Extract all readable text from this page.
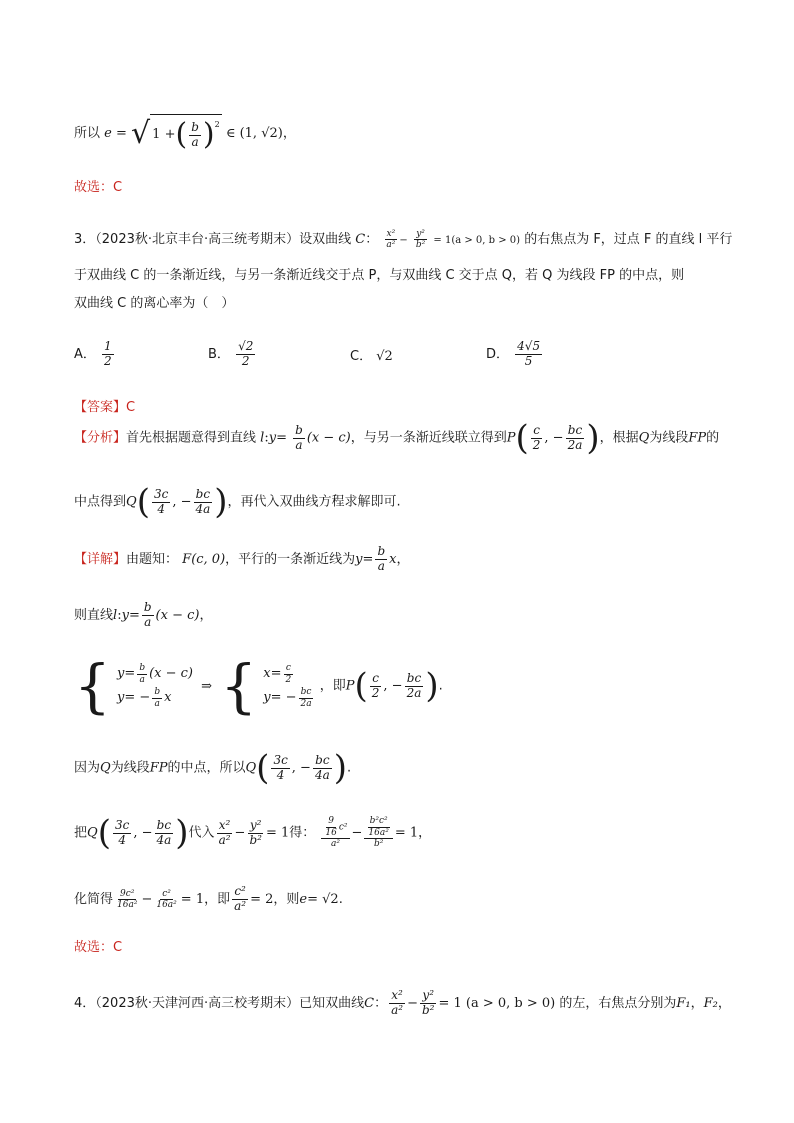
所以 e = √ 1 + ( $\frac{b}{a} )^2$
∈ (1, √2)，
故选：C
3．（2023秋·北京丰台·高三统考期末）设双曲线 C： $\frac{\text{x²}}{\text{a²}} - \frac{\text{y²}}{\text{b²}} = 1(a > 0$, b > 0) 的右焦点为 F，过点 F 的直线 l 平行
于双曲线 C 的一条渐近线，与另一条渐近线交于点 P，与双曲线 C 交于点 Q，若 Q 为线段 FP 的中点，则
双曲线 C 的离心率为（　）
A． $\frac{1}{2}$	B． $\frac{√2}{2}$	C． √2	D． $\frac{4√5}{5}$
【答案】C
【分析】首先根据题意得到直线 l:y= $\frac{b}{a} (x - c)$，与另一条渐近线联立得到$P( \frac{c}{2}$ , − $\frac{bc}{2a}$ )，根据Q为线段FP的
中点得到$Q( \frac{3c}{4}$ , − $\frac{bc}{4a}$ )，再代入双曲线方程求解即可.
【详解】由题知： F(c, 0)，平行的一条渐近线为$y= \frac{b}{a}$ x，
则直线l:y= $\frac{b}{a} (x - c)$，
{ $y = \frac{b}{a} (x - c)$
y = − $\frac{b}{a}$ x
⇒ { $x = \frac{c}{2}$
y = − $\frac{bc}{2a}$
，即$P( \frac{c}{2}$ , − $\frac{bc}{2a}$ ).
因为Q为线段FP的中点，所以$Q( \frac{3c}{4}$ , − $\frac{bc}{4a}$ ).
把$Q( \frac{3c}{4}$ , − $\frac{bc}{4a}$ )代入 $\frac{\text{x²}}{\text{a²}} - \frac{\text{y²}}{\text{b²}} = 1$得： $\frac{\frac{9}{16} c^2}{\text{a²}} - \frac{\frac{\text{b²c²}}{\text{16a²}}}{\text{b²}} = 1$，
化简得 $\frac{\text{9c²}}{\text{16a²}} - \frac{\text{c²}}{\text{16a²}} = 1$，即 $\frac{\text{c²}}{\text{a²}} = 2$，则e= √2.
故选：C
4．（2023秋·天津河西·高三校考期末）已知双曲线C： $\frac{\text{x²}}{\text{a²}} - \frac{\text{y²}}{\text{b²}} = 1$ (a > 0, b > 0) 的左，右焦点分别为F₁，F₂，
